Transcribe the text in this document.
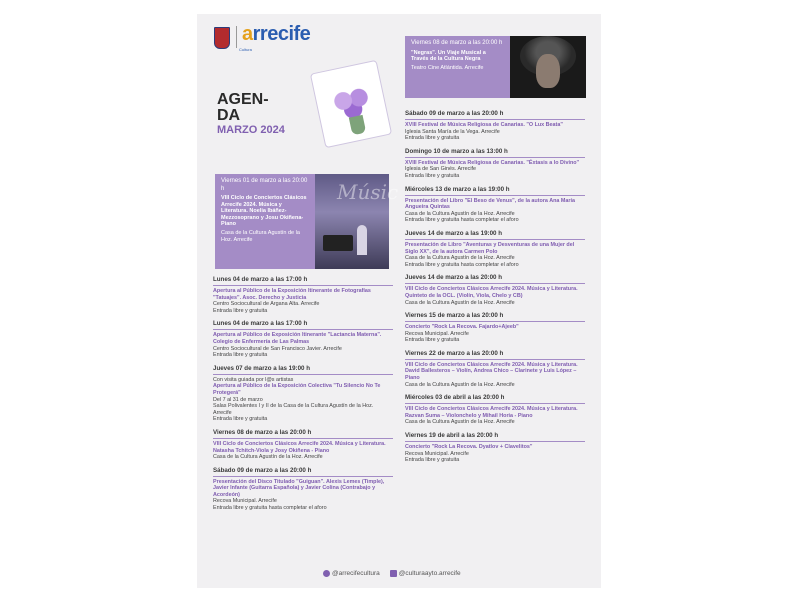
arrecife
Cultura
AGEN-
DA
MARZO 2024
Viernes 01 de marzo a las 20:00 h
VIII Ciclo de Conciertos Clásicos Arrecife 2024. Música y Literatura. Noelia Ibáñez-Mezzosoprano y Josu Okiñena-Piano
Casa de la Cultura Agustín de la Hoz. Arrecife
Músic
Viernes 08 de marzo a las 20:00 h
"Negras". Un Viaje Musical a Través de la Cultura Negra
Teatro Cine Atlántida. Arrecife
Lunes 04 de marzo a las 17:00 h
Apertura al Público de la Exposición Itinerante de Fotografías "Tatuajes". Asoc. Derecho y Justicia
Centro Sociocultural de Argana Alta. Arrecife
Entrada libre y gratuita
Lunes 04 de marzo a las 17:00 h
Apertura al Público de Exposición Itinerante "Lactancia Materna". Colegio de Enfermería de Las Palmas
Centro Sociocultural de San Francisco Javier. Arrecife
Entrada libre y gratuita
Jueves 07 de marzo a las 19:00 h
Con visita guiada por l@s artistas
Apertura al Público de la Exposición Colectiva "Tu Silencio No Te Protegerá"
Del 7 al 31 de marzo
Salas Polivalentes I y II de la Casa de la Cultura Agustín de la Hoz. Arrecife
Entrada libre y gratuita
Viernes 08 de marzo a las 20:00 h
VIII Ciclo de Conciertos Clásicos Arrecife 2024. Música y Literatura. Natasha Tchitch-Viola y Josy Okiñena - Piano
Casa de la Cultura Agustín de la Hoz. Arrecife
Sábado 09 de marzo a las 20:00 h
Presentación del Disco Titulado "Guiguan". Alexis Lemes (Timple), Javier Infante (Guitarra Española) y Javier Colina (Contrabajo y Acordeón)
Recova Municipal. Arrecife
Entrada libre y gratuita hasta completar el aforo
Sábado 09 de marzo a las 20:00 h
XVIII Festival de Música Religiosa de Canarias. "O Lux Beata"
Iglesia Santa María de la Vega. Arrecife
Entrada libre y gratuita
Domingo 10 de marzo a las 13:00 h
XVIII Festival de Música Religiosa de Canarias. "Éxtasis a lo Divino"
Iglesia de San Ginés. Arrecife
Entrada libre y gratuita
Miércoles 13 de marzo a las 19:00 h
Presentación del Libro "El Beso de Venus", de la autora Ana María Angueira Quintas
Casa de la Cultura Agustín de la Hoz. Arrecife
Entrada libre y gratuita hasta completar el aforo
Jueves 14 de marzo a las 19:00 h
Presentación de Libro "Aventuras y Desventuras de una Mujer del Siglo XX", de la autora Carmen Polo
Casa de la Cultura Agustín de la Hoz. Arrecife
Entrada libre y gratuita hasta completar el aforo
Jueves 14 de marzo a las 20:00 h
VIII Ciclo de Conciertos Clásicos Arrecife 2024. Música y Literatura. Quinteto de la OCL. (Violín, Viola, Chelo y CB)
Casa de la Cultura Agustín de la Hoz. Arrecife
Viernes 15 de marzo a las 20:00 h
Concierto "Rock La Recova. Fajardo+Ajeeb"
Recova Municipal. Arrecife
Entrada libre y gratuita
Viernes 22 de marzo a las 20:00 h
VIII Ciclo de Conciertos Clásicos Arrecife 2024. Música y Literatura. David Ballesteros – Violín, Andrea Chico – Clarinete y Luis López – Piano
Casa de la Cultura Agustín de la Hoz. Arrecife
Miércoles 03 de abril a las 20:00 h
VIII Ciclo de Conciertos Clásicos Arrecife 2024. Música y Literatura. Razvan Suma – Violonchelo y Mihail Horia - Piano
Casa de la Cultura Agustín de la Hoz. Arrecife
Viernes 19 de abril a las 20:00 h
Concierto "Rock La Recova. Dyatlov + Clavelitos"
Recova Municipal. Arrecife
Entrada libre y gratuita
@arrecifecultura	@culturaayto.arrecife
